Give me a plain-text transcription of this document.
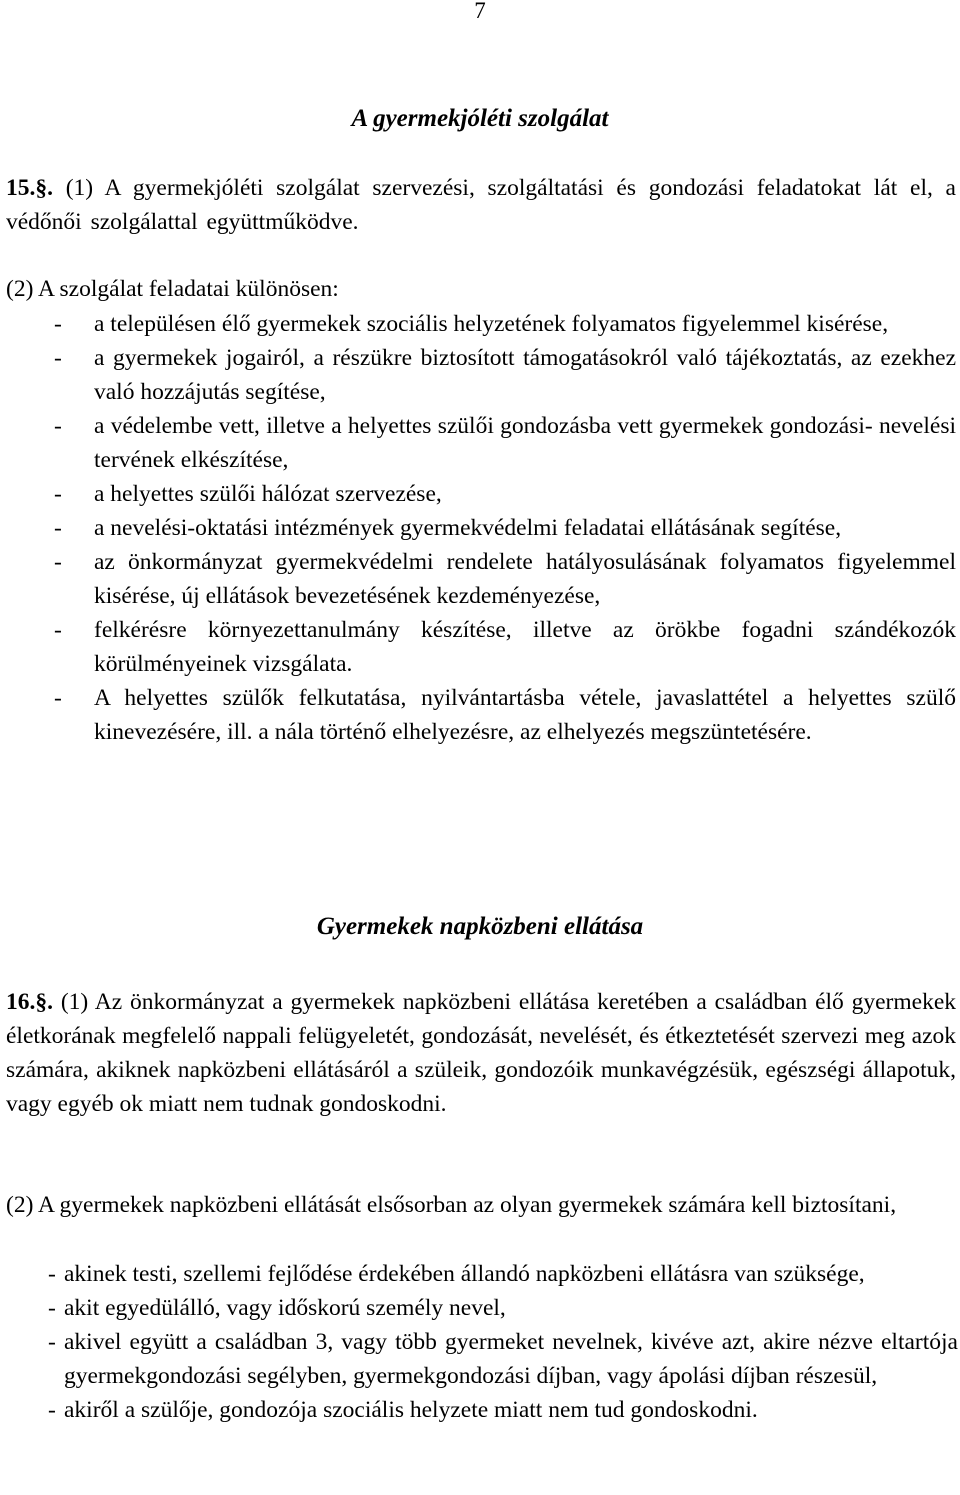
7
A gyermekjóléti szolgálat

15.§. (1) A gyermekjóléti szolgálat szervezési, szolgáltatási és gondozási feladatokat lát el, a védőnői szolgálattal együttműködve.

(2) A szolgálat feladatai különösen:

- a településen élő gyermekek szociális helyzetének folyamatos figyelemmel kisérése,
- a gyermekek jogairól, a részükre biztosított támogatásokról való tájékoztatás, az ezekhez való hozzájutás segítése,
- a védelembe vett, illetve a helyettes szülői gondozásba vett gyermekek gondozási- nevelési tervének elkészítése,
- a helyettes szülői hálózat szervezése,
- a nevelési-oktatási intézmények gyermekvédelmi feladatai ellátásának segítése,
- az önkormányzat gyermekvédelmi rendelete hatályosulásának folyamatos figyelemmel kisérése, új ellátások bevezetésének kezdeményezése,
- felkérésre környezettanulmány készítése, illetve az örökbe fogadni szándékozók körülményeinek vizsgálata.
- A helyettes szülők felkutatása, nyilvántartásba vétele, javaslattétel a helyettes szülő kinevezésére, ill. a nála történő elhelyezésre, az elhelyezés megszüntetésére.
Gyermekek napközbeni ellátása

16.§. (1) Az önkormányzat a gyermekek napközbeni ellátása keretében a családban élő gyermekek életkorának megfelelő nappali felügyeletét, gondozását, nevelését, és étkeztetését szervezi meg azok számára, akiknek napközbeni ellátásáról a szüleik, gondozóik munkavégzésük, egészségi állapotuk, vagy egyéb ok miatt nem tudnak gondoskodni.

(2) A gyermekek napközbeni ellátását elsősorban az olyan gyermekek számára kell biztosítani,

- akinek testi, szellemi fejlődése érdekében állandó napközbeni ellátásra van szüksége,
- akit egyedülálló, vagy időskorú személy nevel,
- akivel együtt a családban 3, vagy több gyermeket nevelnek, kivéve azt, akire nézve eltartója gyermekgondozási segélyben, gyermekgondozási díjban, vagy ápolási díjban részesül,
- akiről a szülője, gondozója szociális helyzete miatt nem tud gondoskodni.
